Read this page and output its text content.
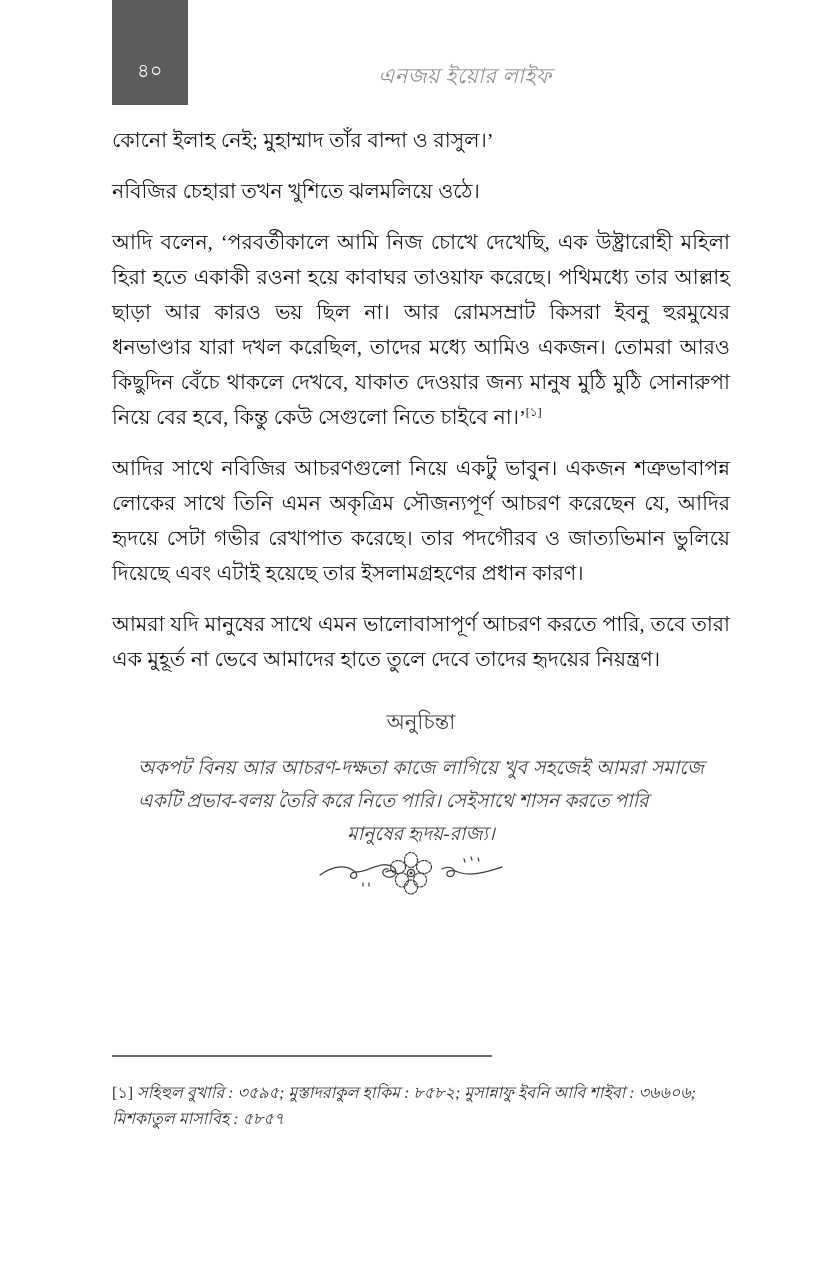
৪০	এনজয় ইয়োর লাইফ

কোনো ইলাহ নেই; মুহাম্মাদ তাঁর বান্দা ও রাসুল।’

নবিজির চেহারা তখন খুশিতে ঝলমলিয়ে ওঠে।

আদি বলেন, ‘পরবর্তীকালে আমি নিজ চোখে দেখেছি, এক উষ্ট্রারোহী মহিলা হিরা হতে একাকী রওনা হয়ে কাবাঘর তাওয়াফ করেছে। পথিমধ্যে তার আল্লাহ ছাড়া আর কারও ভয় ছিল না। আর রোমসম্রাট কিসরা ইবনু হুরমুযের ধনভাণ্ডার যারা দখল করেছিল, তাদের মধ্যে আমিও একজন। তোমরা আরও কিছুদিন বেঁচে থাকলে দেখবে, যাকাত দেওয়ার জন্য মানুষ মুঠি মুঠি সোনারুপা নিয়ে বের হবে, কিন্তু কেউ সেগুলো নিতে চাইবে না।’[১]

আদির সাথে নবিজির আচরণগুলো নিয়ে একটু ভাবুন। একজন শত্রুভাবাপন্ন লোকের সাথে তিনি এমন অকৃত্রিম সৌজন্যপূর্ণ আচরণ করেছেন যে, আদির হৃদয়ে সেটা গভীর রেখাপাত করেছে। তার পদগৌরব ও জাত্যভিমান ভুলিয়ে দিয়েছে এবং এটাই হয়েছে তার ইসলামগ্রহণের প্রধান কারণ।

আমরা যদি মানুষের সাথে এমন ভালোবাসাপূর্ণ আচরণ করতে পারি, তবে তারা এক মুহূর্ত না ভেবে আমাদের হাতে তুলে দেবে তাদের হৃদয়ের নিয়ন্ত্রণ।

অনুচিন্তা
অকপট বিনয় আর আচরণ-দক্ষতা কাজে লাগিয়ে খুব সহজেই আমরা সমাজে একটি প্রভাব-বলয় তৈরি করে নিতে পারি। সেইসাথে শাসন করতে পারি
মানুষের হৃদয়-রাজ্য।
[১] সহিহুল বুখারি : ৩৫৯৫; মুস্তাদরাকুল হাকিম : ৮৫৮২; মুসান্নাফু ইবনি আবি শাইবা : ৩৬৬০৬; মিশকাতুল মাসাবিহ : ৫৮৫৭
